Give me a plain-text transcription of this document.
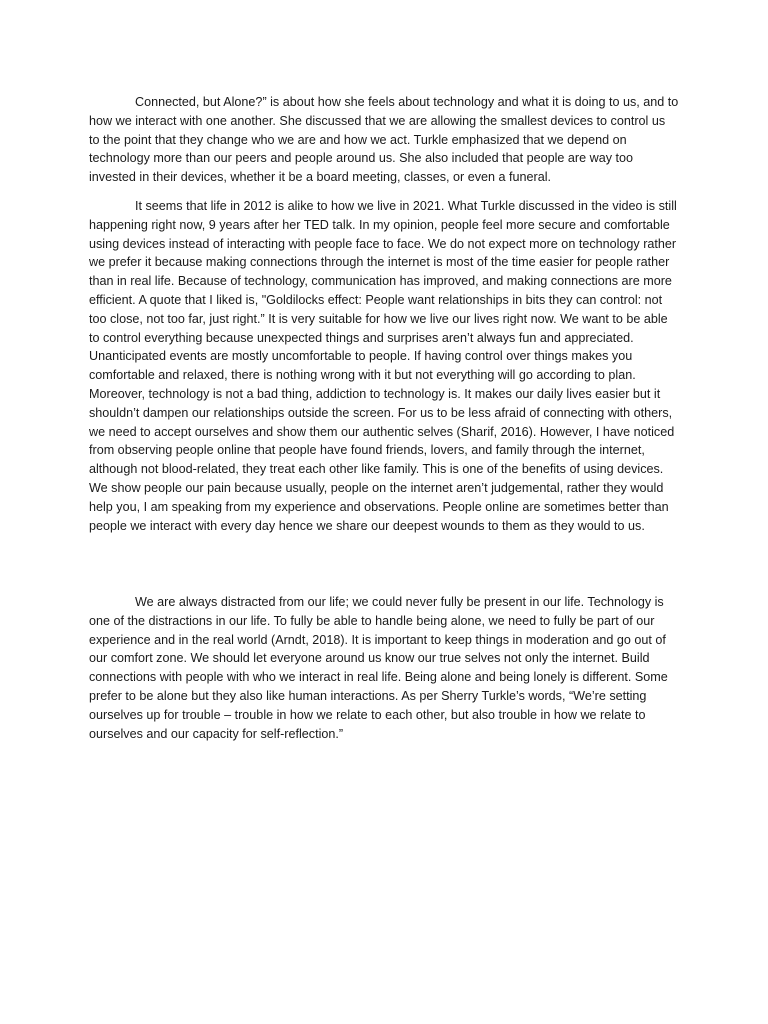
Connected, but Alone?” is about how she feels about technology and what it is doing to us, and to how we interact with one another. She discussed that we are allowing the smallest devices to control us to the point that they change who we are and how we act. Turkle emphasized that we depend on technology more than our peers and people around us. She also included that people are way too invested in their devices, whether it be a board meeting, classes, or even a funeral.

It seems that life in 2012 is alike to how we live in 2021. What Turkle discussed in the video is still happening right now, 9 years after her TED talk. In my opinion, people feel more secure and comfortable using devices instead of interacting with people face to face. We do not expect more on technology rather we prefer it because making connections through the internet is most of the time easier for people rather than in real life. Because of technology, communication has improved, and making connections are more efficient. A quote that I liked is, "Goldilocks effect: People want relationships in bits they can control: not too close, not too far, just right.” It is very suitable for how we live our lives right now. We want to be able to control everything because unexpected things and surprises aren’t always fun and appreciated. Unanticipated events are mostly uncomfortable to people. If having control over things makes you comfortable and relaxed, there is nothing wrong with it but not everything will go according to plan. Moreover, technology is not a bad thing, addiction to technology is. It makes our daily lives easier but it shouldn’t dampen our relationships outside the screen. For us to be less afraid of connecting with others, we need to accept ourselves and show them our authentic selves (Sharif, 2016). However, I have noticed from observing people online that people have found friends, lovers, and family through the internet, although not blood-related, they treat each other like family. This is one of the benefits of using devices. We show people our pain because usually, people on the internet aren’t judgemental, rather they would help you, I am speaking from my experience and observations. People online are sometimes better than people we interact with every day hence we share our deepest wounds to them as they would to us.

We are always distracted from our life; we could never fully be present in our life. Technology is one of the distractions in our life. To fully be able to handle being alone, we need to fully be part of our experience and in the real world (Arndt, 2018). It is important to keep things in moderation and go out of our comfort zone. We should let everyone around us know our true selves not only the internet. Build connections with people with who we interact in real life. Being alone and being lonely is different. Some prefer to be alone but they also like human interactions. As per Sherry Turkle’s words, “We’re setting ourselves up for trouble – trouble in how we relate to each other, but also trouble in how we relate to ourselves and our capacity for self-reflection.”
